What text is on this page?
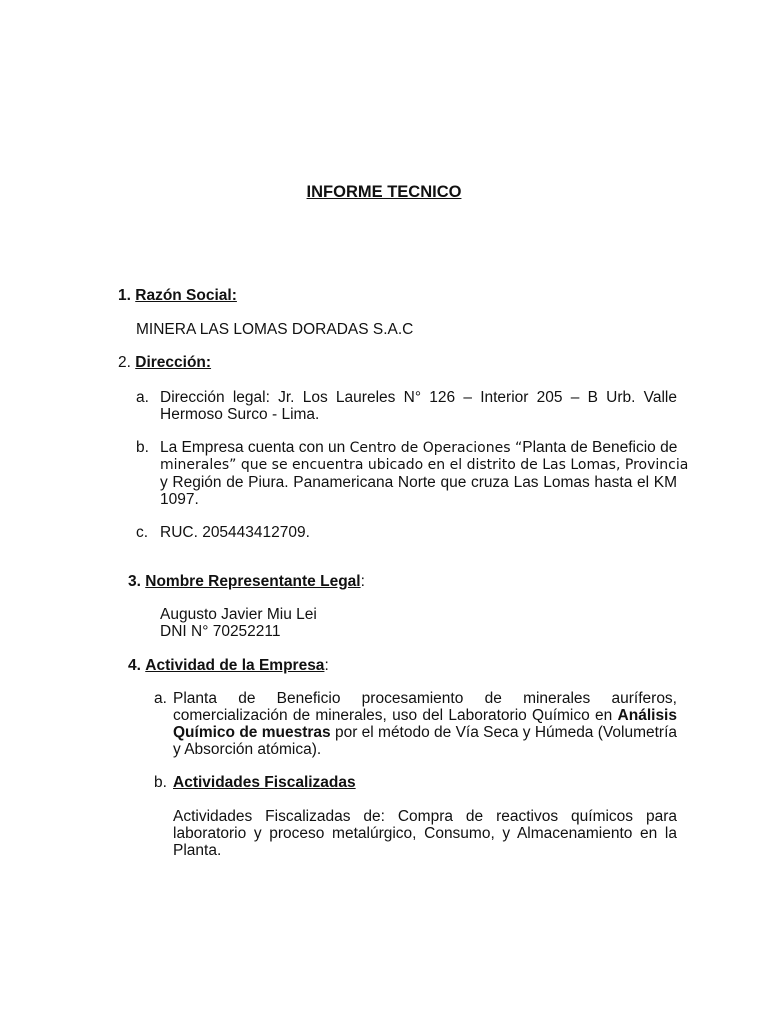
INFORME TECNICO
1. Razón Social:
MINERA LAS LOMAS DORADAS S.A.C
2. Dirección:
a. Dirección legal: Jr. Los Laureles N° 126 – Interior 205 – B Urb. Valle Hermoso Surco - Lima.
b. La Empresa cuenta con un Centro de Operaciones “Planta de Beneficio de
minerales” que se encuentra ubicado en el distrito de Las Lomas, Provincia
y Región de Piura. Panamericana Norte que cruza Las Lomas hasta el KM 1097.
c. RUC. 205443412709.
3. Nombre Representante Legal:
Augusto Javier Miu Lei
DNI N° 70252211
4. Actividad de la Empresa:
a. Planta de Beneficio procesamiento de minerales auríferos, comercialización de minerales, uso del Laboratorio Químico en Análisis Químico de muestras por el método de Vía Seca y Húmeda (Volumetría y Absorción atómica).
b. Actividades Fiscalizadas
Actividades Fiscalizadas de: Compra de reactivos químicos para laboratorio y proceso metalúrgico, Consumo, y Almacenamiento en la Planta.
